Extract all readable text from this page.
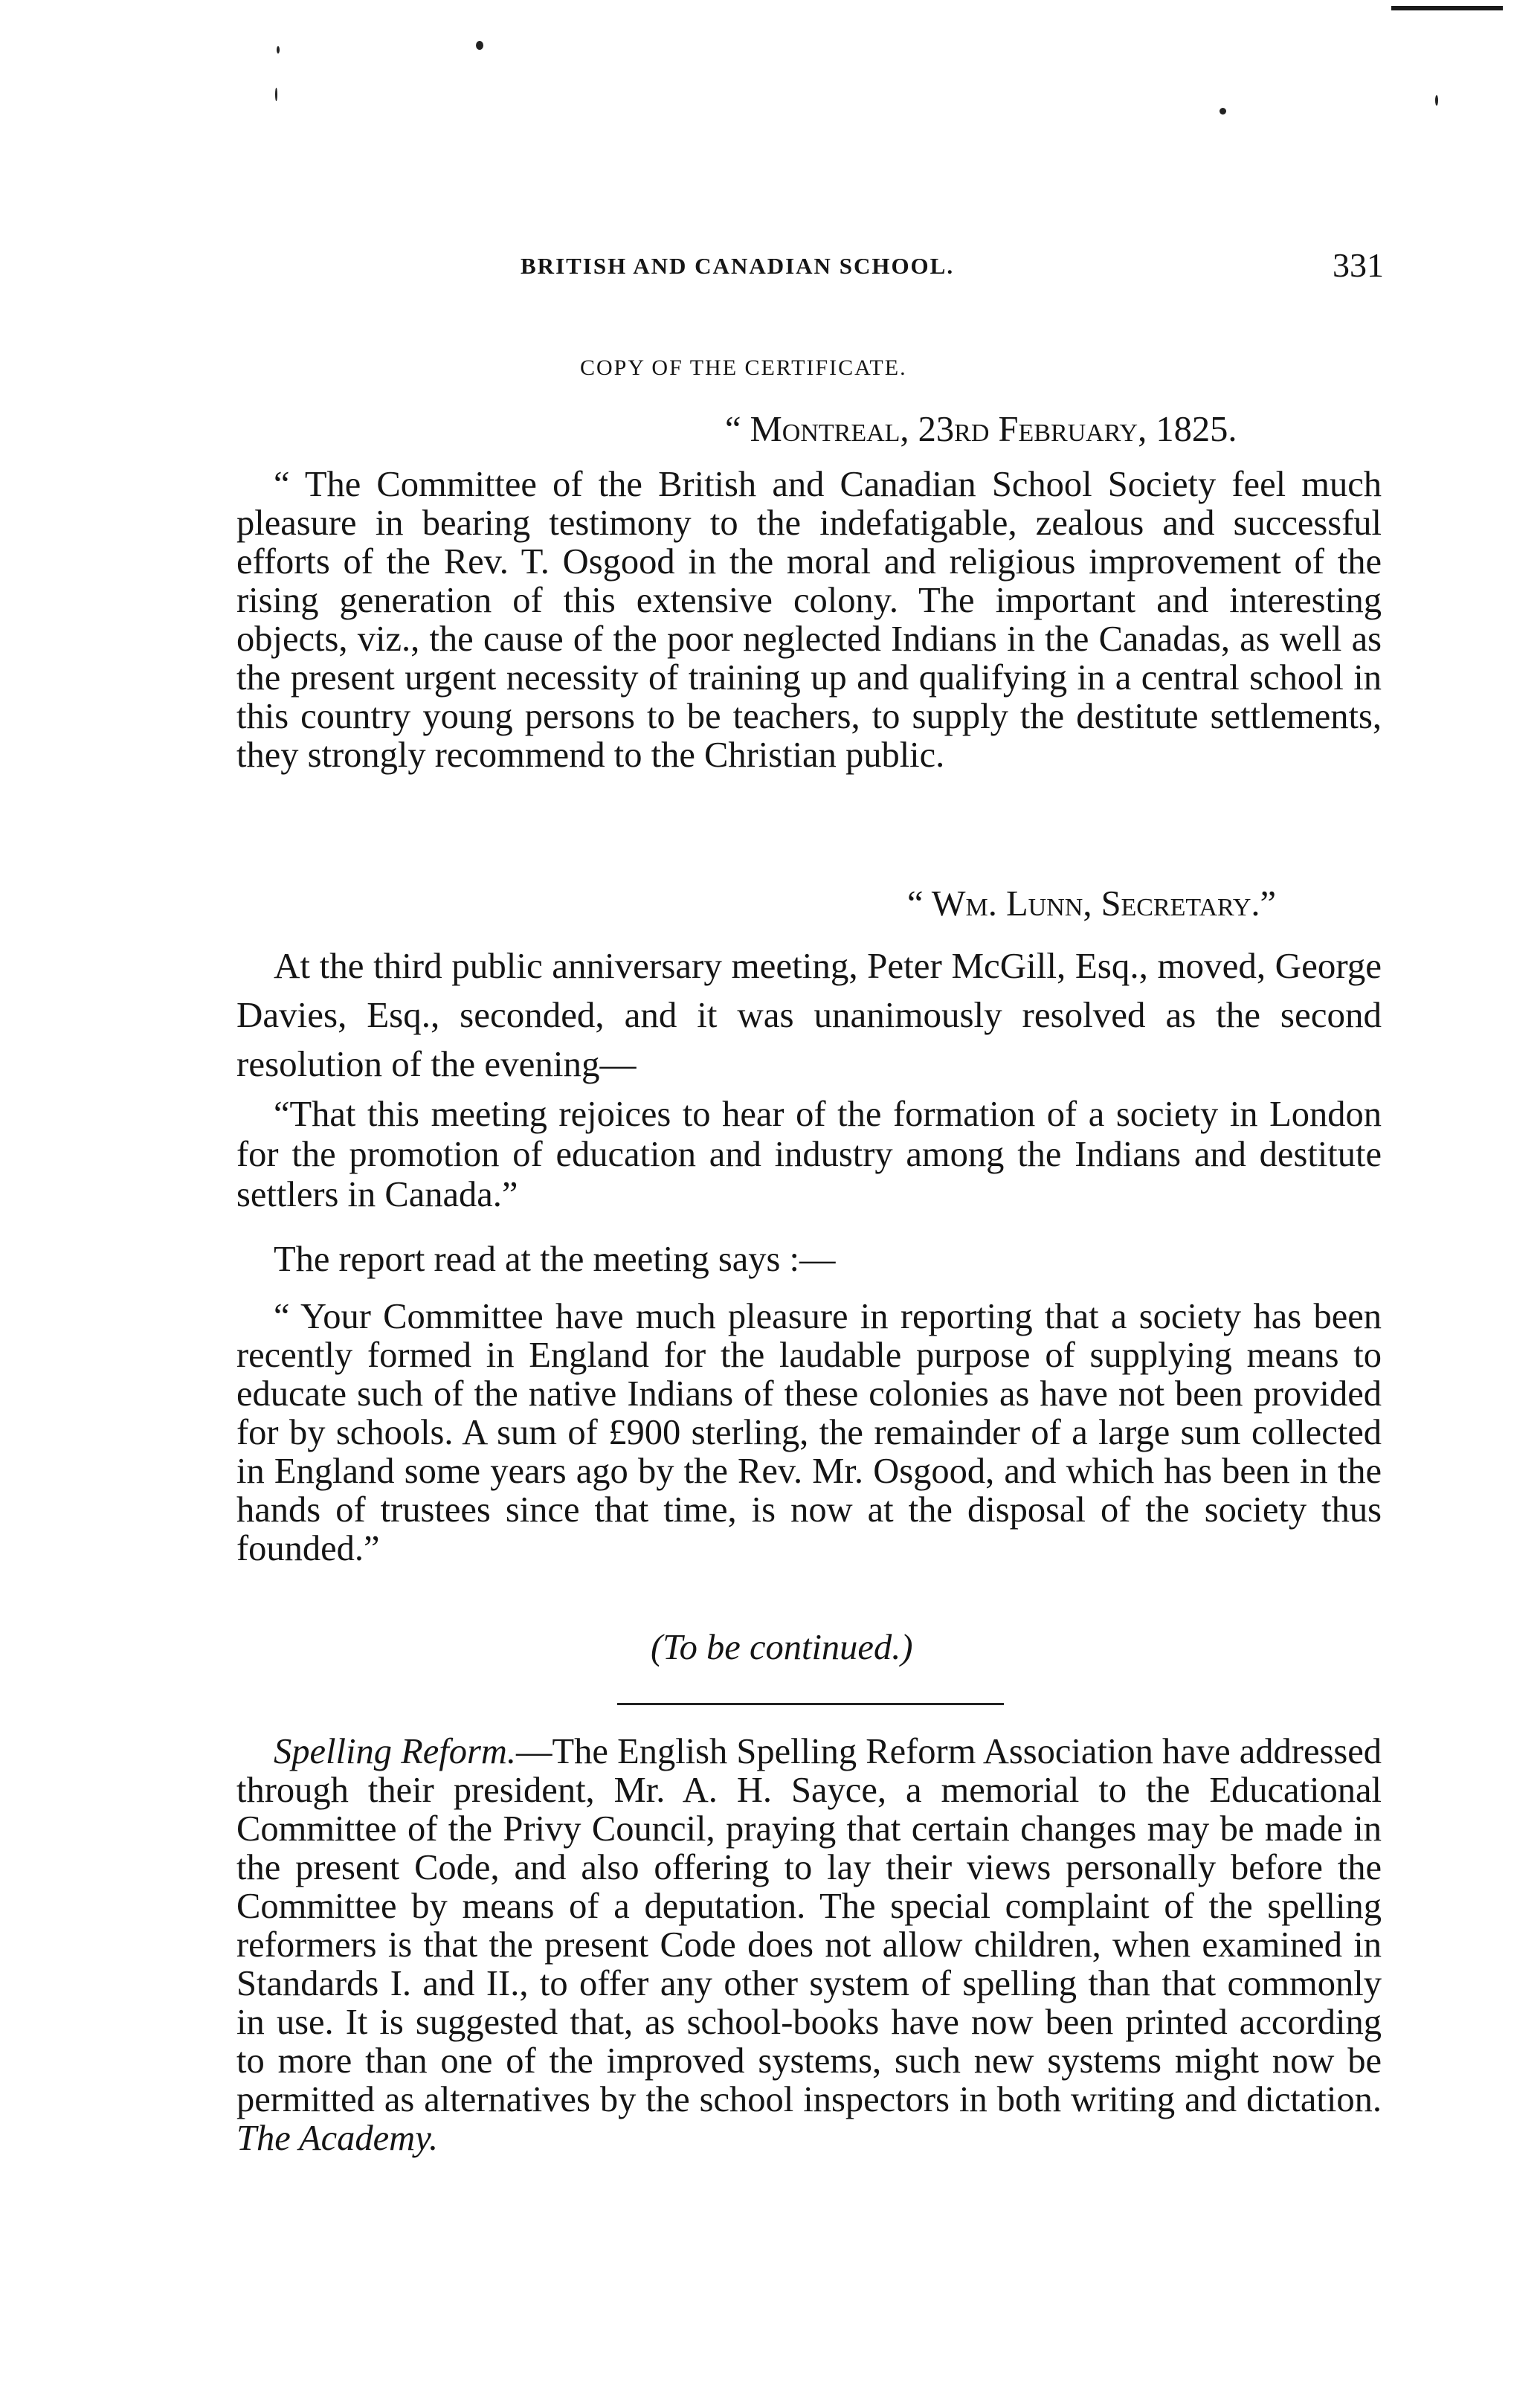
BRITISH AND CANADIAN SCHOOL.	331
COPY OF THE CERTIFICATE.
“ Montreal, 23rd February, 1825.

“ The Committee of the British and Canadian School Society feel much pleasure in bearing testimony to the indefatigable, zealous and successful efforts of the Rev. T. Osgood in the moral and religious improvement of the rising generation of this extensive colony. The important and interesting objects, viz., the cause of the poor neglected Indians in the Canadas, as well as the present urgent necessity of training up and qualifying in a central school in this country young persons to be teachers, to supply the destitute settlements, they strongly recommend to the Christian public.

“ Wm. Lunn, Secretary.”

At the third public anniversary meeting, Peter McGill, Esq., moved, George Davies, Esq., seconded, and it was unanimously resolved as the second resolution of the evening—

“That this meeting rejoices to hear of the formation of a society in London for the promotion of education and industry among the Indians and destitute settlers in Canada.”

The report read at the meeting says :—

“ Your Committee have much pleasure in reporting that a society has been recently formed in England for the laudable purpose of supplying means to educate such of the native Indians of these colonies as have not been provided for by schools. A sum of £900 sterling, the remainder of a large sum collected in England some years ago by the Rev. Mr. Osgood, and which has been in the hands of trustees since that time, is now at the disposal of the society thus founded.”

(To be continued.)

Spelling Reform.—The English Spelling Reform Association have addressed through their president, Mr. A. H. Sayce, a memorial to the Educational Committee of the Privy Council, praying that certain changes may be made in the present Code, and also offering to lay their views personally before the Committee by means of a deputation. The special complaint of the spelling reformers is that the present Code does not allow children, when examined in Standards I. and II., to offer any other system of spelling than that commonly in use. It is suggested that, as school-books have now been printed according to more than one of the improved systems, such new systems might now be permitted as alternatives by the school inspectors in both writing and dictation. The Academy.
